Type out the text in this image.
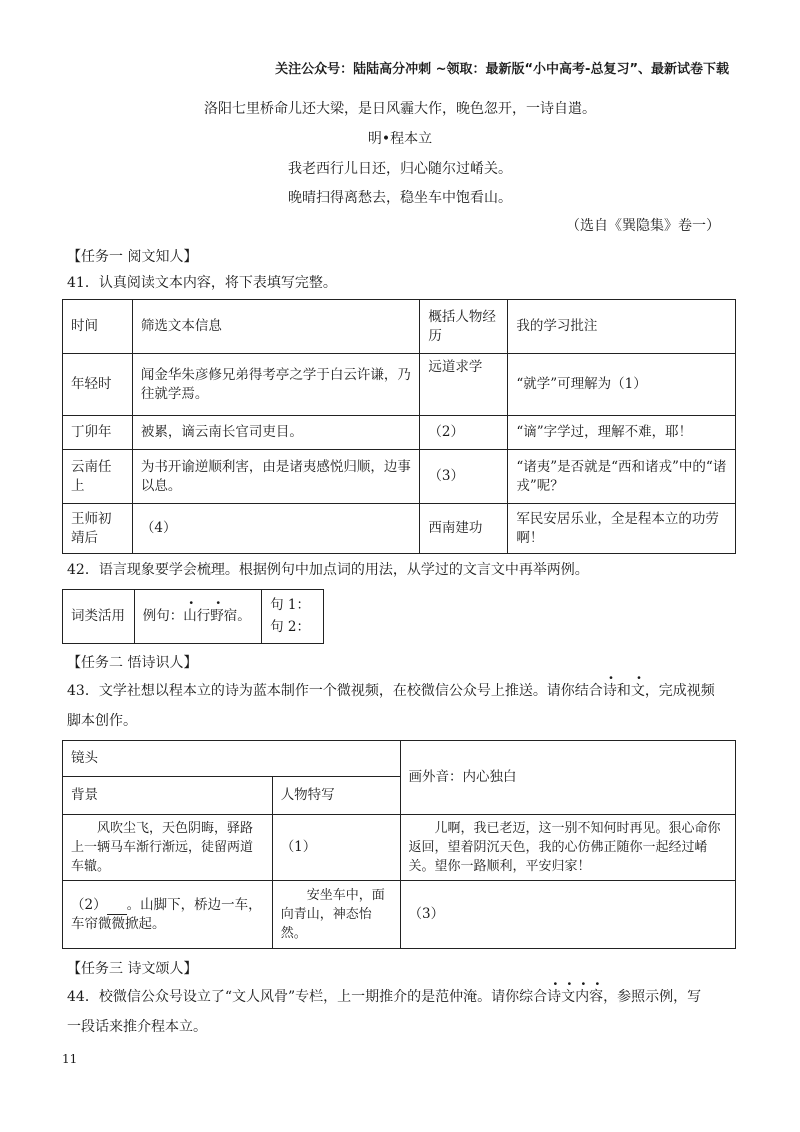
关注公众号：陆陆高分冲刺 ~领取：最新版“小中高考-总复习”、最新试卷下载
洛阳七里桥命儿还大梁，是日风霾大作，晚色忽开，一诗自遣。
明•程本立
我老西行儿日还，归心随尔过崤关。
晚晴扫得离愁去，稳坐车中饱看山。
（选自《巽隐集》卷一）
【任务一 阅文知人】
41．认真阅读文本内容，将下表填写完整。
时间	筛选文本信息	概括人物经历	我的学习批注
年轻时	闻金华朱彦修兄弟得考亭之学于白云许谦，乃往就学焉。	远道求学	“就学”可理解为（1）
丁卯年	被累，谪云南长官司吏目。	（2）	“谪”字学过，理解不难，耶！
云南任上	为书开谕逆顺利害，由是诸夷感悦归顺，边事以息。	（3）	“诸夷”是否就是“西和诸戎”中的“诸戎”呢？
王师初靖后	（4）	西南建功	军民安居乐业，全是程本立的功劳啊！
42．语言现象要学会梳理。根据例句中加点词的用法，从学过的文言文中再举两例。
词类活用	例句：山行野宿。	句 1：
句 2：
【任务二 悟诗识人】
43．文学社想以程本立的诗为蓝本制作一个微视频，在校微信公众号上推送。请你结合诗和文，完成视频
脚本创作。
镜头		画外音：内心独白
背景	人物特写	
风吹尘飞，天色阴晦，驿路上一辆马车渐行渐远，徒留两道车辙。	（1）	儿啊，我已老迈，这一别不知何时再见。狠心命你返回，望着阴沉天色，我的心仿佛正随你一起经过崤关。望你一路顺利，平安归家！
（2） 。山脚下，桥边一车，车帘微微掀起。	安坐车中，面向青山，神态怡然。	（3）
【任务三 诗文颂人】
44．校微信公众号设立了“文人风骨”专栏，上一期推介的是范仲淹。请你综合诗文内容，参照示例，写
一段话来推介程本立。
11
